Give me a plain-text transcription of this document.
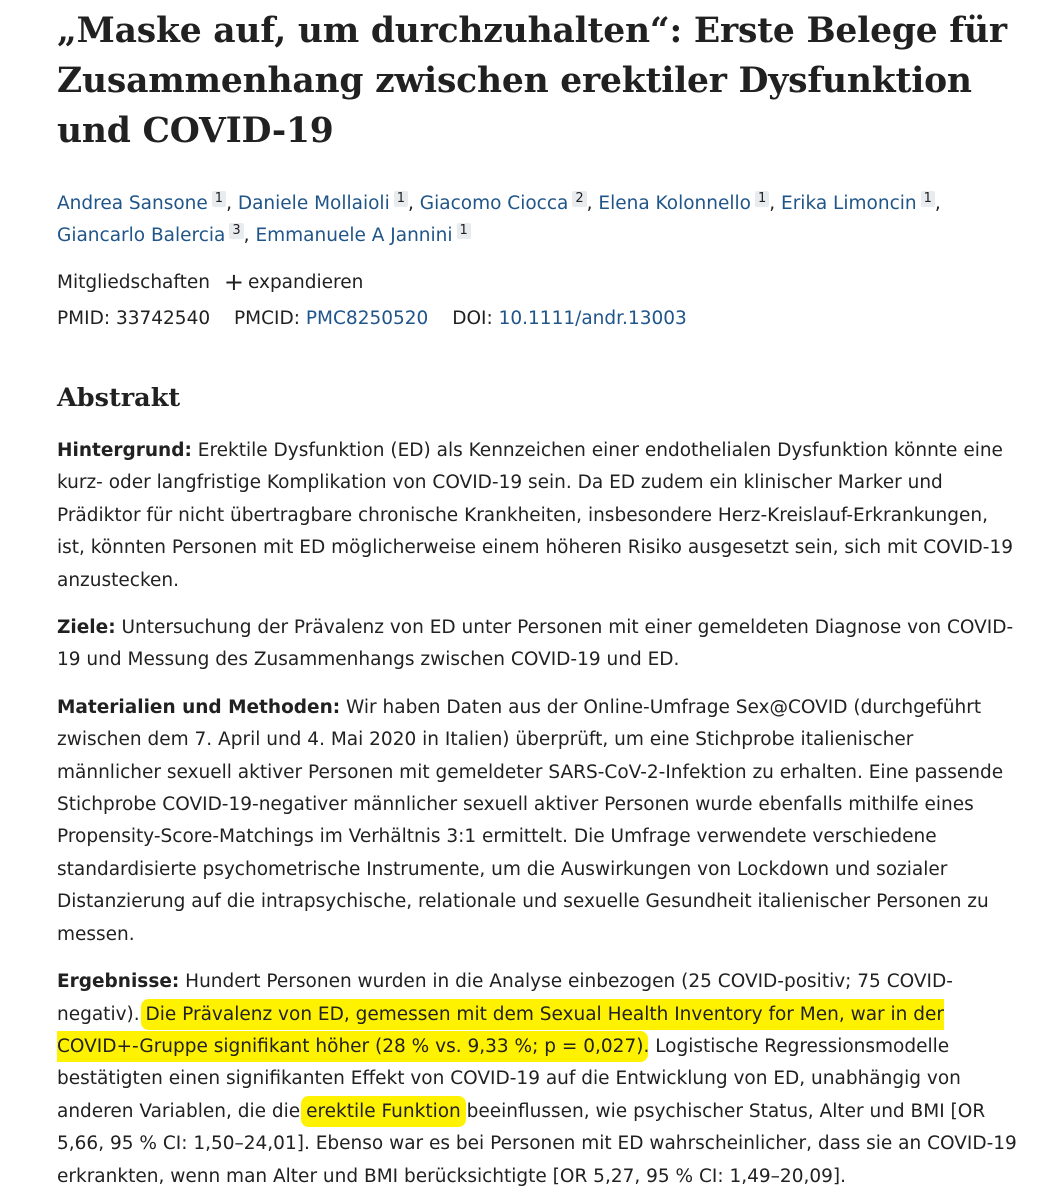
„Maske auf, um durchzuhalten“: Erste Belege für Zusammenhang zwischen erektiler Dysfunktion und COVID-19
Andrea Sansone 1 , Daniele Mollaioli 1 , Giacomo Ciocca 2 , Elena Kolonnello 1 , Erika Limoncin 1 ,
Giancarlo Balercia 3 , Emmanuele A Jannini 1
Mitgliedschaften + expandieren
PMID: 33742540 PMCID: PMC8250520 DOI: 10.1111/andr.13003
Abstrakt

Hintergrund: Erektile Dysfunktion (ED) als Kennzeichen einer endothelialen Dysfunktion könnte eine kurz- oder langfristige Komplikation von COVID-19 sein. Da ED zudem ein klinischer Marker und Prädiktor für nicht übertragbare chronische Krankheiten, insbesondere Herz-Kreislauf-Erkrankungen, ist, könnten Personen mit ED möglicherweise einem höheren Risiko ausgesetzt sein, sich mit COVID-19 anzustecken.

Ziele: Untersuchung der Prävalenz von ED unter Personen mit einer gemeldeten Diagnose von COVID-19 und Messung des Zusammenhangs zwischen COVID-19 und ED.

Materialien und Methoden: Wir haben Daten aus der Online-Umfrage Sex@COVID (durchgeführt zwischen dem 7. April und 4. Mai 2020 in Italien) überprüft, um eine Stichprobe italienischer männlicher sexuell aktiver Personen mit gemeldeter SARS-CoV-2-Infektion zu erhalten. Eine passende Stichprobe COVID-19-negativer männlicher sexuell aktiver Personen wurde ebenfalls mithilfe eines Propensity-Score-Matchings im Verhältnis 3:1 ermittelt. Die Umfrage verwendete verschiedene standardisierte psychometrische Instrumente, um die Auswirkungen von Lockdown und sozialer Distanzierung auf die intrapsychische, relationale und sexuelle Gesundheit italienischer Personen zu messen.

Ergebnisse: Hundert Personen wurden in die Analyse einbezogen (25 COVID-positiv; 75 COVID-negativ). Die Prävalenz von ED, gemessen mit dem Sexual Health Inventory for Men, war in der COVID+-Gruppe signifikant höher (28 % vs. 9,33 %; p = 0,027). Logistische Regressionsmodelle bestätigten einen signifikanten Effekt von COVID-19 auf die Entwicklung von ED, unabhängig von anderen Variablen, die die erektile Funktion beeinflussen, wie psychischer Status, Alter und BMI [OR 5,66, 95 % CI: 1,50–24,01]. Ebenso war es bei Personen mit ED wahrscheinlicher, dass sie an COVID-19 erkrankten, wenn man Alter und BMI berücksichtigte [OR 5,27, 95 % CI: 1,49–20,09].
